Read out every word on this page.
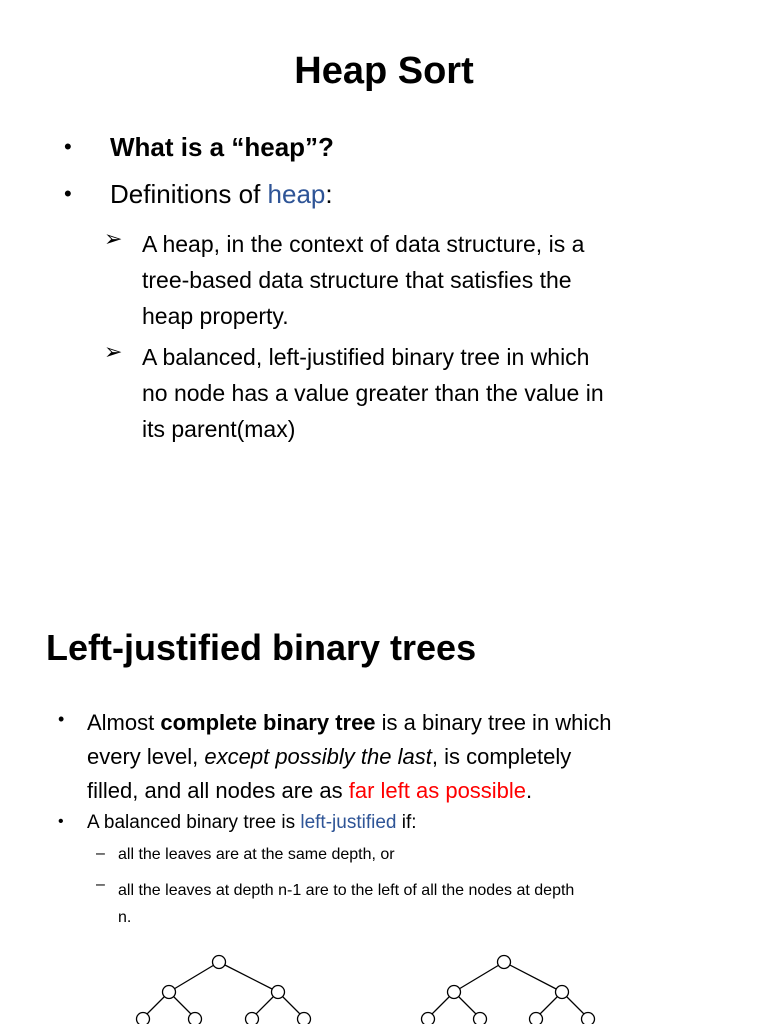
Heap Sort
• What is a “heap”?
• Definitions of heap:
➢ A heap, in the context of data structure, is a
tree-based data structure that satisfies the
heap property.
➢ A balanced, left-justified binary tree in which
no node has a value greater than the value in
its parent(max)
Left-justified binary trees
• Almost complete binary tree is a binary tree in which
every level, except possibly the last, is completely
filled, and all nodes are as far left as possible.
• A balanced binary tree is left-justified if:
– all the leaves are at the same depth, or
– all the leaves at depth n-1 are to the left of all the nodes at depth
n.
